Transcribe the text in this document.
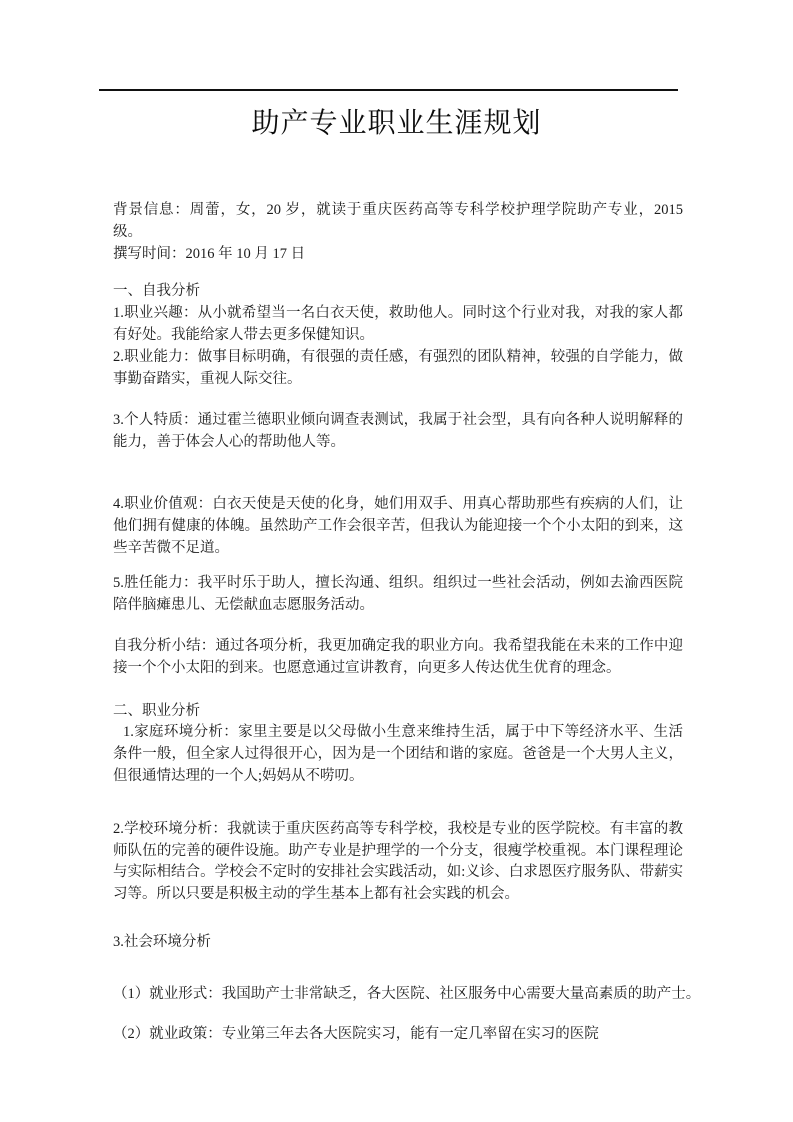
助产专业职业生涯规划

背景信息：周蕾，女，20 岁，就读于重庆医药高等专科学校护理学院助产专业，2015 级。

撰写时间：2016 年 10 月 17 日

一、自我分析

1.职业兴趣：从小就希望当一名白衣天使，救助他人。同时这个行业对我，对我的家人都有好处。我能给家人带去更多保健知识。

2.职业能力：做事目标明确，有很强的责任感，有强烈的团队精神，较强的自学能力，做事勤奋踏实，重视人际交往。

3.个人特质：通过霍兰德职业倾向调查表测试，我属于社会型，具有向各种人说明解释的能力，善于体会人心的帮助他人等。

4.职业价值观：白衣天使是天使的化身，她们用双手、用真心帮助那些有疾病的人们，让他们拥有健康的体魄。虽然助产工作会很辛苦，但我认为能迎接一个个小太阳的到来，这些辛苦微不足道。

5.胜任能力：我平时乐于助人，擅长沟通、组织。组织过一些社会活动，例如去渝西医院陪伴脑瘫患儿、无偿献血志愿服务活动。

自我分析小结：通过各项分析，我更加确定我的职业方向。我希望我能在未来的工作中迎接一个个小太阳的到来。也愿意通过宣讲教育，向更多人传达优生优育的理念。

二、职业分析

1.家庭环境分析：家里主要是以父母做小生意来维持生活，属于中下等经济水平、生活条件一般，但全家人过得很开心，因为是一个团结和谐的家庭。爸爸是一个大男人主义，但很通情达理的一个人;妈妈从不唠叨。

2.学校环境分析：我就读于重庆医药高等专科学校，我校是专业的医学院校。有丰富的教师队伍的完善的硬件设施。助产专业是护理学的一个分支，很瘦学校重视。本门课程理论与实际相结合。学校会不定时的安排社会实践活动，如:义诊、白求恩医疗服务队、带薪实习等。所以只要是积极主动的学生基本上都有社会实践的机会。

3.社会环境分析

（1）就业形式：我国助产士非常缺乏，各大医院、社区服务中心需要大量高素质的助产士。

（2）就业政策：专业第三年去各大医院实习，能有一定几率留在实习的医院
